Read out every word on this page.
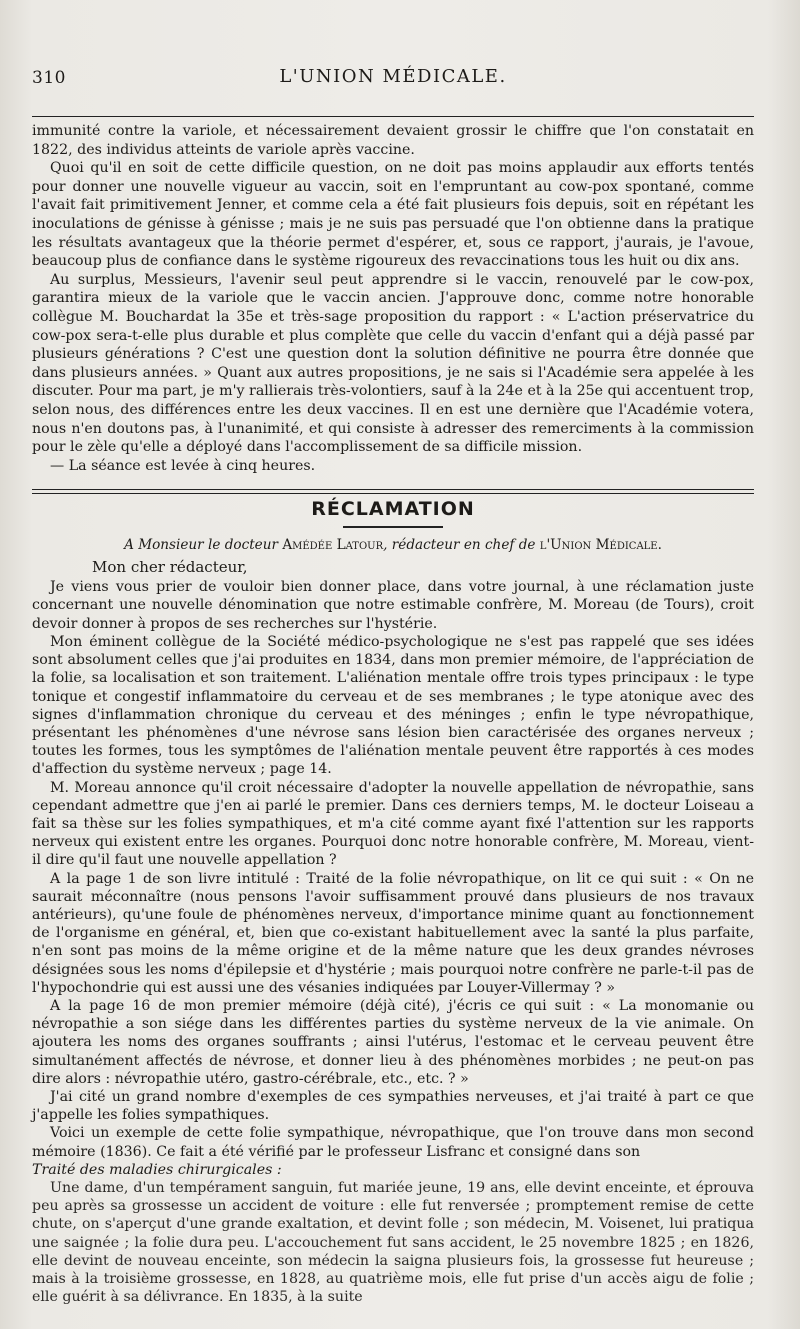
310	L'UNION MÉDICALE.

immunité contre la variole, et nécessairement devaient grossir le chiffre que l'on constatait en 1822, des individus atteints de variole après vaccine.

Quoi qu'il en soit de cette difficile question, on ne doit pas moins applaudir aux efforts tentés pour donner une nouvelle vigueur au vaccin, soit en l'empruntant au cow-pox spontané, comme l'avait fait primitivement Jenner, et comme cela a été fait plusieurs fois depuis, soit en répétant les inoculations de génisse à génisse ; mais je ne suis pas persuadé que l'on obtienne dans la pratique les résultats avantageux que la théorie permet d'espérer, et, sous ce rapport, j'aurais, je l'avoue, beaucoup plus de confiance dans le système rigoureux des revaccinations tous les huit ou dix ans.

Au surplus, Messieurs, l'avenir seul peut apprendre si le vaccin, renouvelé par le cow-pox, garantira mieux de la variole que le vaccin ancien. J'approuve donc, comme notre honorable collègue M. Bouchardat la 35e et très-sage proposition du rapport : « L'action préservatrice du cow-pox sera-t-elle plus durable et plus complète que celle du vaccin d'enfant qui a déjà passé par plusieurs générations ? C'est une question dont la solution définitive ne pourra être donnée que dans plusieurs années. » Quant aux autres propositions, je ne sais si l'Académie sera appelée à les discuter. Pour ma part, je m'y rallierais très-volontiers, sauf à la 24e et à la 25e qui accentuent trop, selon nous, des différences entre les deux vaccines. Il en est une dernière que l'Académie votera, nous n'en doutons pas, à l'unanimité, et qui consiste à adresser des remerciments à la commission pour le zèle qu'elle a déployé dans l'accomplissement de sa difficile mission.

— La séance est levée à cinq heures.

RÉCLAMATION
A Monsieur le docteur Amédée Latour, rédacteur en chef de l'Union Médicale.
Mon cher rédacteur,

Je viens vous prier de vouloir bien donner place, dans votre journal, à une réclamation juste concernant une nouvelle dénomination que notre estimable confrère, M. Moreau (de Tours), croit devoir donner à propos de ses recherches sur l'hystérie.

Mon éminent collègue de la Société médico-psychologique ne s'est pas rappelé que ses idées sont absolument celles que j'ai produites en 1834, dans mon premier mémoire, de l'appréciation de la folie, sa localisation et son traitement. L'aliénation mentale offre trois types principaux : le type tonique et congestif inflammatoire du cerveau et de ses membranes ; le type atonique avec des signes d'inflammation chronique du cerveau et des méninges ; enfin le type névropathique, présentant les phénomènes d'une névrose sans lésion bien caractérisée des organes nerveux ; toutes les formes, tous les symptômes de l'aliénation mentale peuvent être rapportés à ces modes d'affection du système nerveux ; page 14.

M. Moreau annonce qu'il croit nécessaire d'adopter la nouvelle appellation de névropathie, sans cependant admettre que j'en ai parlé le premier. Dans ces derniers temps, M. le docteur Loiseau a fait sa thèse sur les folies sympathiques, et m'a cité comme ayant fixé l'attention sur les rapports nerveux qui existent entre les organes. Pourquoi donc notre honorable confrère, M. Moreau, vient-il dire qu'il faut une nouvelle appellation ?

A la page 1 de son livre intitulé : Traité de la folie névropathique, on lit ce qui suit : « On ne saurait méconnaître (nous pensons l'avoir suffisamment prouvé dans plusieurs de nos travaux antérieurs), qu'une foule de phénomènes nerveux, d'importance minime quant au fonctionnement de l'organisme en général, et, bien que co-existant habituellement avec la santé la plus parfaite, n'en sont pas moins de la même origine et de la même nature que les deux grandes névroses désignées sous les noms d'épilepsie et d'hystérie ; mais pourquoi notre confrère ne parle-t-il pas de l'hypochondrie qui est aussi une des vésanies indiquées par Louyer-Villermay ? »

A la page 16 de mon premier mémoire (déjà cité), j'écris ce qui suit : « La monomanie ou névropathie a son siége dans les différentes parties du système nerveux de la vie animale. On ajoutera les noms des organes souffrants ; ainsi l'utérus, l'estomac et le cerveau peuvent être simultanément affectés de névrose, et donner lieu à des phénomènes morbides ; ne peut-on pas dire alors : névropathie utéro, gastro-cérébrale, etc., etc. ? »

J'ai cité un grand nombre d'exemples de ces sympathies nerveuses, et j'ai traité à part ce que j'appelle les folies sympathiques.

Voici un exemple de cette folie sympathique, névropathique, que l'on trouve dans mon second mémoire (1836). Ce fait a été vérifié par le professeur Lisfranc et consigné dans son

Traité des maladies chirurgicales :

Une dame, d'un tempérament sanguin, fut mariée jeune, 19 ans, elle devint enceinte, et éprouva peu après sa grossesse un accident de voiture : elle fut renversée ; promptement remise de cette chute, on s'aperçut d'une grande exaltation, et devint folle ; son médecin, M. Voisenet, lui pratiqua une saignée ; la folie dura peu. L'accouchement fut sans accident, le 25 novembre 1825 ; en 1826, elle devint de nouveau enceinte, son médecin la saigna plusieurs fois, la grossesse fut heureuse ; mais à la troisième grossesse, en 1828, au quatrième mois, elle fut prise d'un accès aigu de folie ; elle guérit à sa délivrance. En 1835, à la suite
